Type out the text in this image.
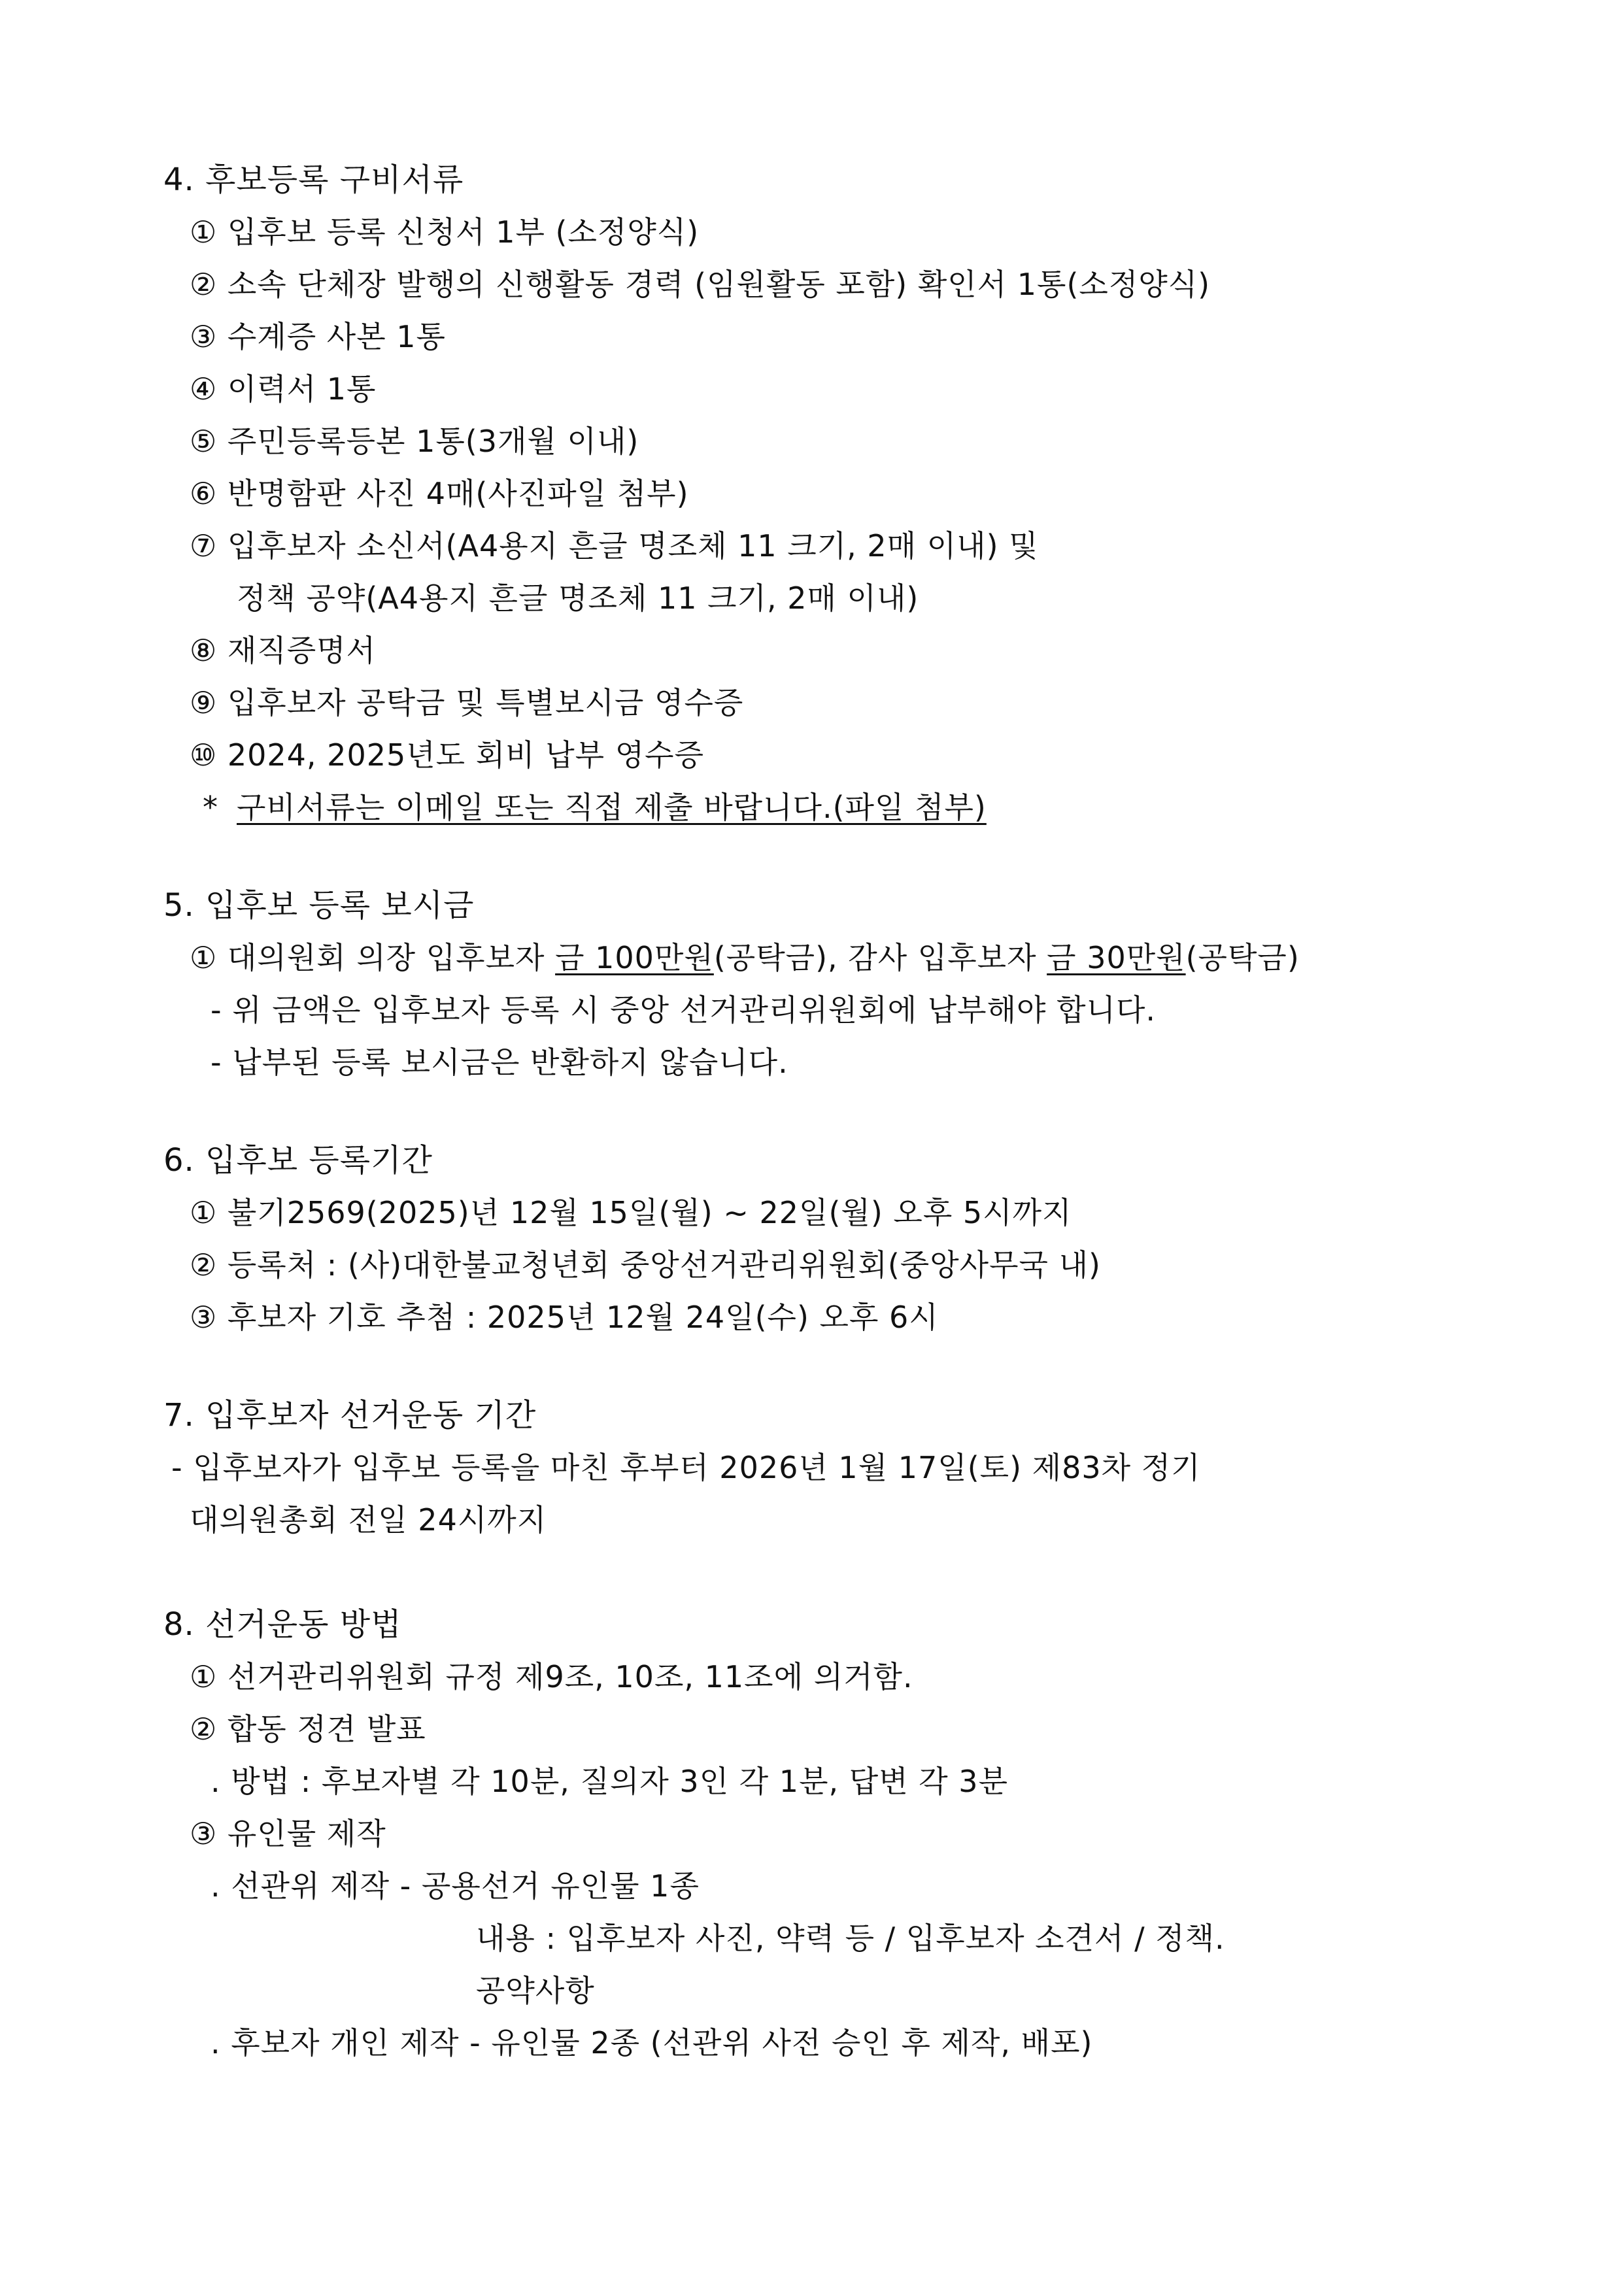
4. 후보등록 구비서류
① 입후보 등록 신청서 1부 (소정양식)
② 소속 단체장 발행의 신행활동 경력 (임원활동 포함) 확인서 1통(소정양식)
③ 수계증 사본 1통
④ 이력서 1통
⑤ 주민등록등본 1통(3개월 이내)
⑥ 반명함판 사진 4매(사진파일 첨부)
⑦ 입후보자 소신서(A4용지 흔글 명조체 11 크기, 2매 이내) 및
정책 공약(A4용지 흔글 명조체 11 크기, 2매 이내)
⑧ 재직증명서
⑨ 입후보자 공탁금 및 특별보시금 영수증
⑩ 2024, 2025년도 회비 납부 영수증
* 구비서류는 이메일 또는 직접 제출 바랍니다.(파일 첨부)
5. 입후보 등록 보시금
① 대의원회 의장 입후보자 금 100만원(공탁금), 감사 입후보자 금 30만원(공탁금)
- 위 금액은 입후보자 등록 시 중앙 선거관리위원회에 납부해야 합니다.
- 납부된 등록 보시금은 반환하지 않습니다.
6. 입후보 등록기간
① 불기2569(2025)년 12월 15일(월) ~ 22일(월) 오후 5시까지
② 등록처 : (사)대한불교청년회 중앙선거관리위원회(중앙사무국 내)
③ 후보자 기호 추첨 : 2025년 12월 24일(수) 오후 6시
7. 입후보자 선거운동 기간
- 입후보자가 입후보 등록을 마친 후부터 2026년 1월 17일(토) 제83차 정기
대의원총회 전일 24시까지
8. 선거운동 방법
① 선거관리위원회 규정 제9조, 10조, 11조에 의거함.
② 합동 정견 발표
. 방법 : 후보자별 각 10분, 질의자 3인 각 1분, 답변 각 3분
③ 유인물 제작
. 선관위 제작 - 공용선거 유인물 1종
내용 : 입후보자 사진, 약력 등 / 입후보자 소견서 / 정책.
공약사항
. 후보자 개인 제작 - 유인물 2종 (선관위 사전 승인 후 제작, 배포)
